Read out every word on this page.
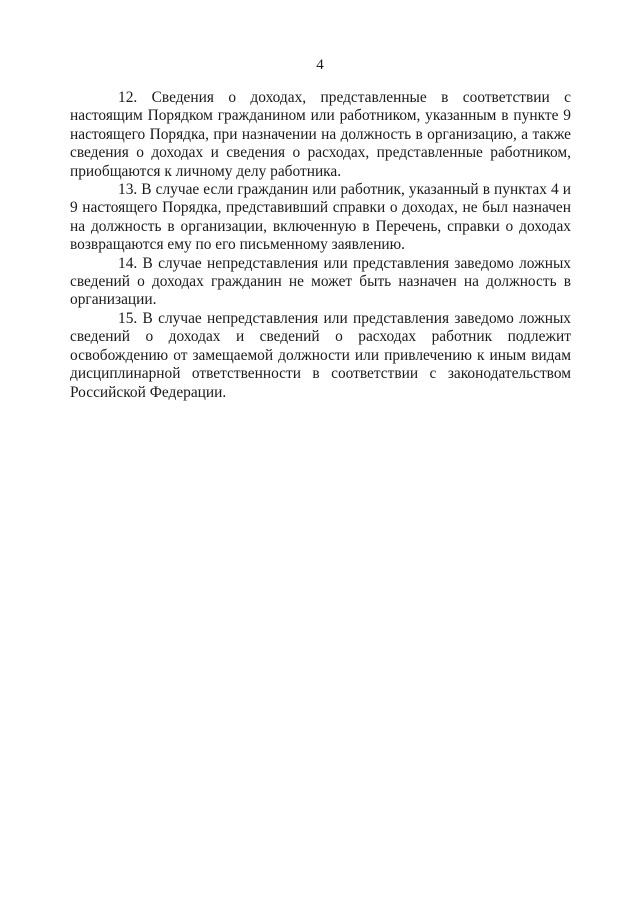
4

12. Сведения о доходах, представленные в соответствии с настоящим Порядком гражданином или работником, указанным в пункте 9 настоящего Порядка, при назначении на должность в организацию, а также сведения о доходах и сведения о расходах, представленные работником, приобщаются к личному делу работника.

13. В случае если гражданин или работник, указанный в пунктах 4 и 9 настоящего Порядка, представивший справки о доходах, не был назначен на должность в организации, включенную в Перечень, справки о доходах возвращаются ему по его письменному заявлению.

14. В случае непредставления или представления заведомо ложных сведений о доходах гражданин не может быть назначен на должность в организации.

15. В случае непредставления или представления заведомо ложных сведений о доходах и сведений о расходах работник подлежит освобождению от замещаемой должности или привлечению к иным видам дисциплинарной ответственности в соответствии с законодательством Российской Федерации.
